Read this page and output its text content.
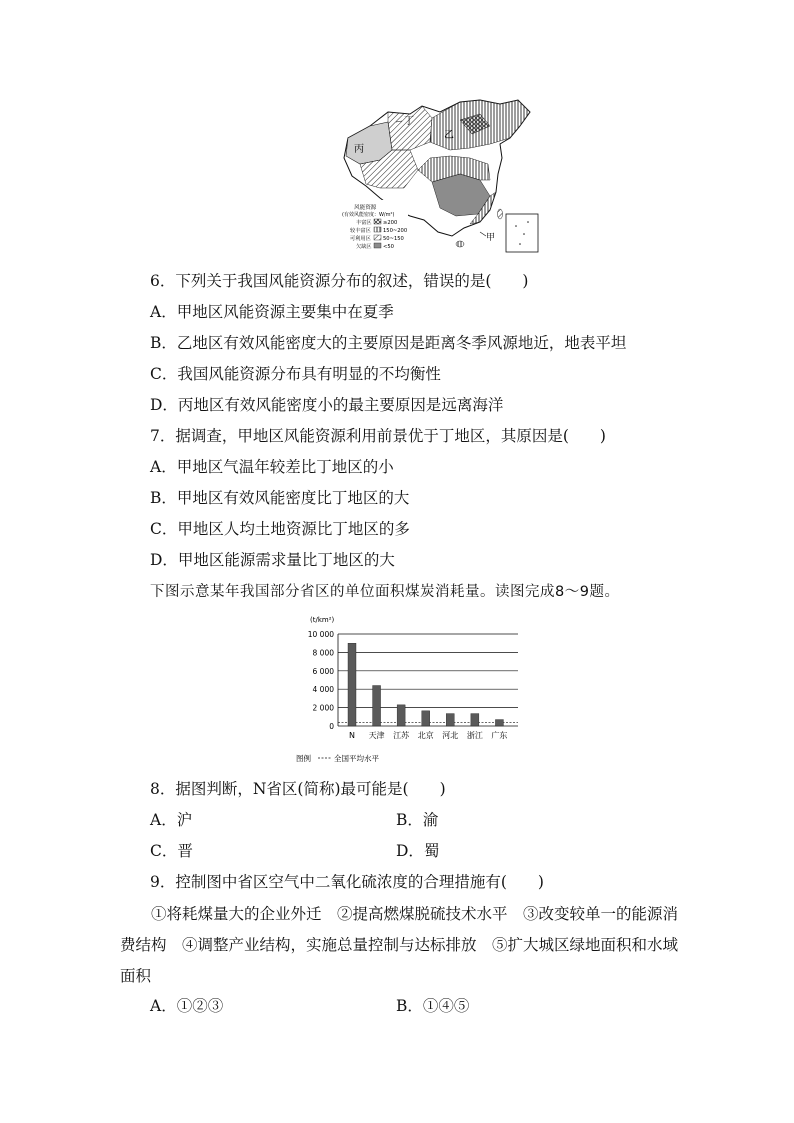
丁
乙
丙
甲
风能资源
(有效风能密度：W/m²)
丰富区 ≥200
较丰富区 150~200
可利用区 50~150
欠缺区 <50
6．下列关于我国风能资源分布的叙述，错误的是(　　)
A．甲地区风能资源主要集中在夏季
B．乙地区有效风能密度大的主要原因是距离冬季风源地近，地表平坦
C．我国风能资源分布具有明显的不均衡性
D．丙地区有效风能密度小的最主要原因是远离海洋
7．据调查，甲地区风能资源利用前景优于丁地区，其原因是(　　)
A．甲地区气温年较差比丁地区的小
B．甲地区有效风能密度比丁地区的大
C．甲地区人均土地资源比丁地区的多
D．甲地区能源需求量比丁地区的大
下图示意某年我国部分省区的单位面积煤炭消耗量。读图完成8～9题。
(t/km²)
0
2 000
4 000
6 000
8 000
10 000
N 天津 江苏 北京 河北 浙江 广东
图例	全国平均水平
8．据图判断，N省区(简称)最可能是(　　)
A．沪	B．渝
C．晋	D．蜀
9．控制图中省区空气中二氧化硫浓度的合理措施有(　　)
①将耗煤量大的企业外迁　②提高燃煤脱硫技术水平　③改变较单一的能源消费结构　④调整产业结构，实施总量控制与达标排放　⑤扩大城区绿地面积和水域面积
A．①②③	B．①④⑤
